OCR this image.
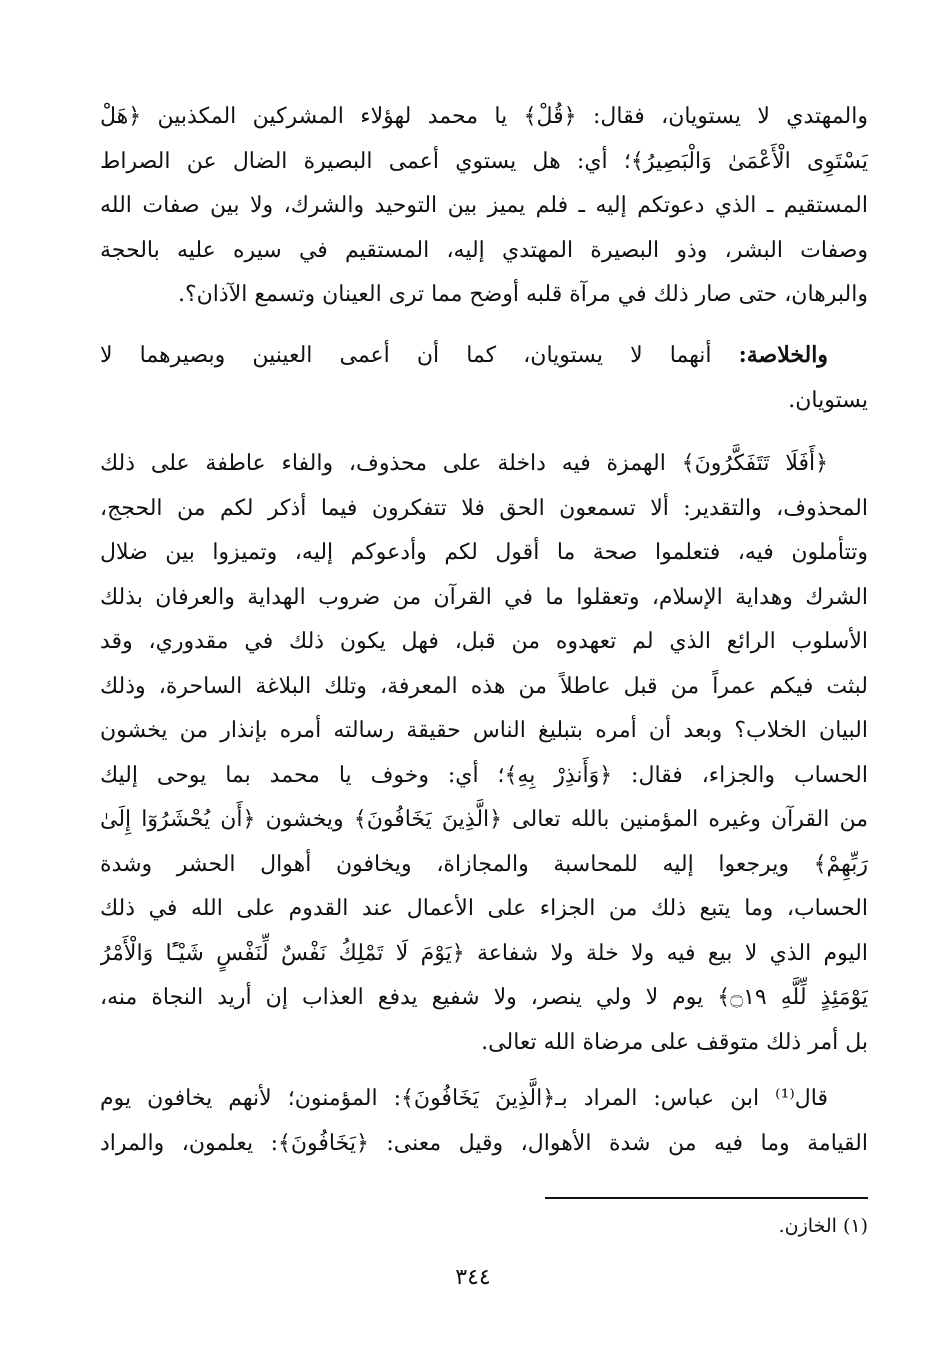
والمهتدي لا يستويان، فقال: ﴿قُلْ﴾ يا محمد لهؤلاء المشركين المكذبين ﴿هَلْ
يَسْتَوِى الْأَعْمَىٰ وَالْبَصِيرُ﴾؛ أي: هل يستوي أعمى البصيرة الضال عن الصراط
المستقيم ـ الذي دعوتكم إليه ـ فلم يميز بين التوحيد والشرك، ولا بين صفات الله
وصفات البشر، وذو البصيرة المهتدي إليه، المستقيم في سيره عليه بالحجة
والبرهان، حتى صار ذلك في مرآة قلبه أوضح مما ترى العينان وتسمع الآذان؟.
والخلاصة: أنهما لا يستويان، كما أن أعمى العينين وبصيرهما لا
يستويان.
﴿أَفَلَا تَتَفَكَّرُونَ﴾ الهمزة فيه داخلة على محذوف، والفاء عاطفة على ذلك
المحذوف، والتقدير: ألا تسمعون الحق فلا تتفكرون فيما أذكر لكم من الحجج،
وتتأملون فيه، فتعلموا صحة ما أقول لكم وأدعوكم إليه، وتميزوا بين ضلال
الشرك وهداية الإسلام، وتعقلوا ما في القرآن من ضروب الهداية والعرفان بذلك
الأسلوب الرائع الذي لم تعهدوه من قبل، فهل يكون ذلك في مقدوري، وقد
لبثت فيكم عمراً من قبل عاطلاً من هذه المعرفة، وتلك البلاغة الساحرة، وذلك
البيان الخلاب؟ وبعد أن أمره بتبليغ الناس حقيقة رسالته أمره بإنذار من يخشون
الحساب والجزاء، فقال: ﴿وَأَنذِرْ بِهِ﴾؛ أي: وخوف يا محمد بما يوحى إليك
من القرآن وغيره المؤمنين بالله تعالى ﴿الَّذِينَ يَخَافُونَ﴾ ويخشون ﴿أَن يُحْشَرُوٓا إِلَىٰ
رَبِّهِمْ﴾ ويرجعوا إليه للمحاسبة والمجازاة، ويخافون أهوال الحشر وشدة
الحساب، وما يتبع ذلك من الجزاء على الأعمال عند القدوم على الله في ذلك
اليوم الذي لا بيع فيه ولا خلة ولا شفاعة ﴿يَوْمَ لَا تَمْلِكُ نَفْسٌ لِّنَفْسٍ شَيْـًٔا وَالْأَمْرُ
يَوْمَئِذٍ لِّلَّهِ ۝١٩﴾ يوم لا ولي ينصر، ولا شفيع يدفع العذاب إن أريد النجاة منه،
بل أمر ذلك متوقف على مرضاة الله تعالى.
قال⁽¹⁾ ابن عباس: المراد بـ﴿الَّذِينَ يَخَافُونَ﴾: المؤمنون؛ لأنهم يخافون يوم
القيامة وما فيه من شدة الأهوال، وقيل معنى: ﴿يَخَافُونَ﴾: يعلمون، والمراد
(١) الخازن.
٣٤٤
